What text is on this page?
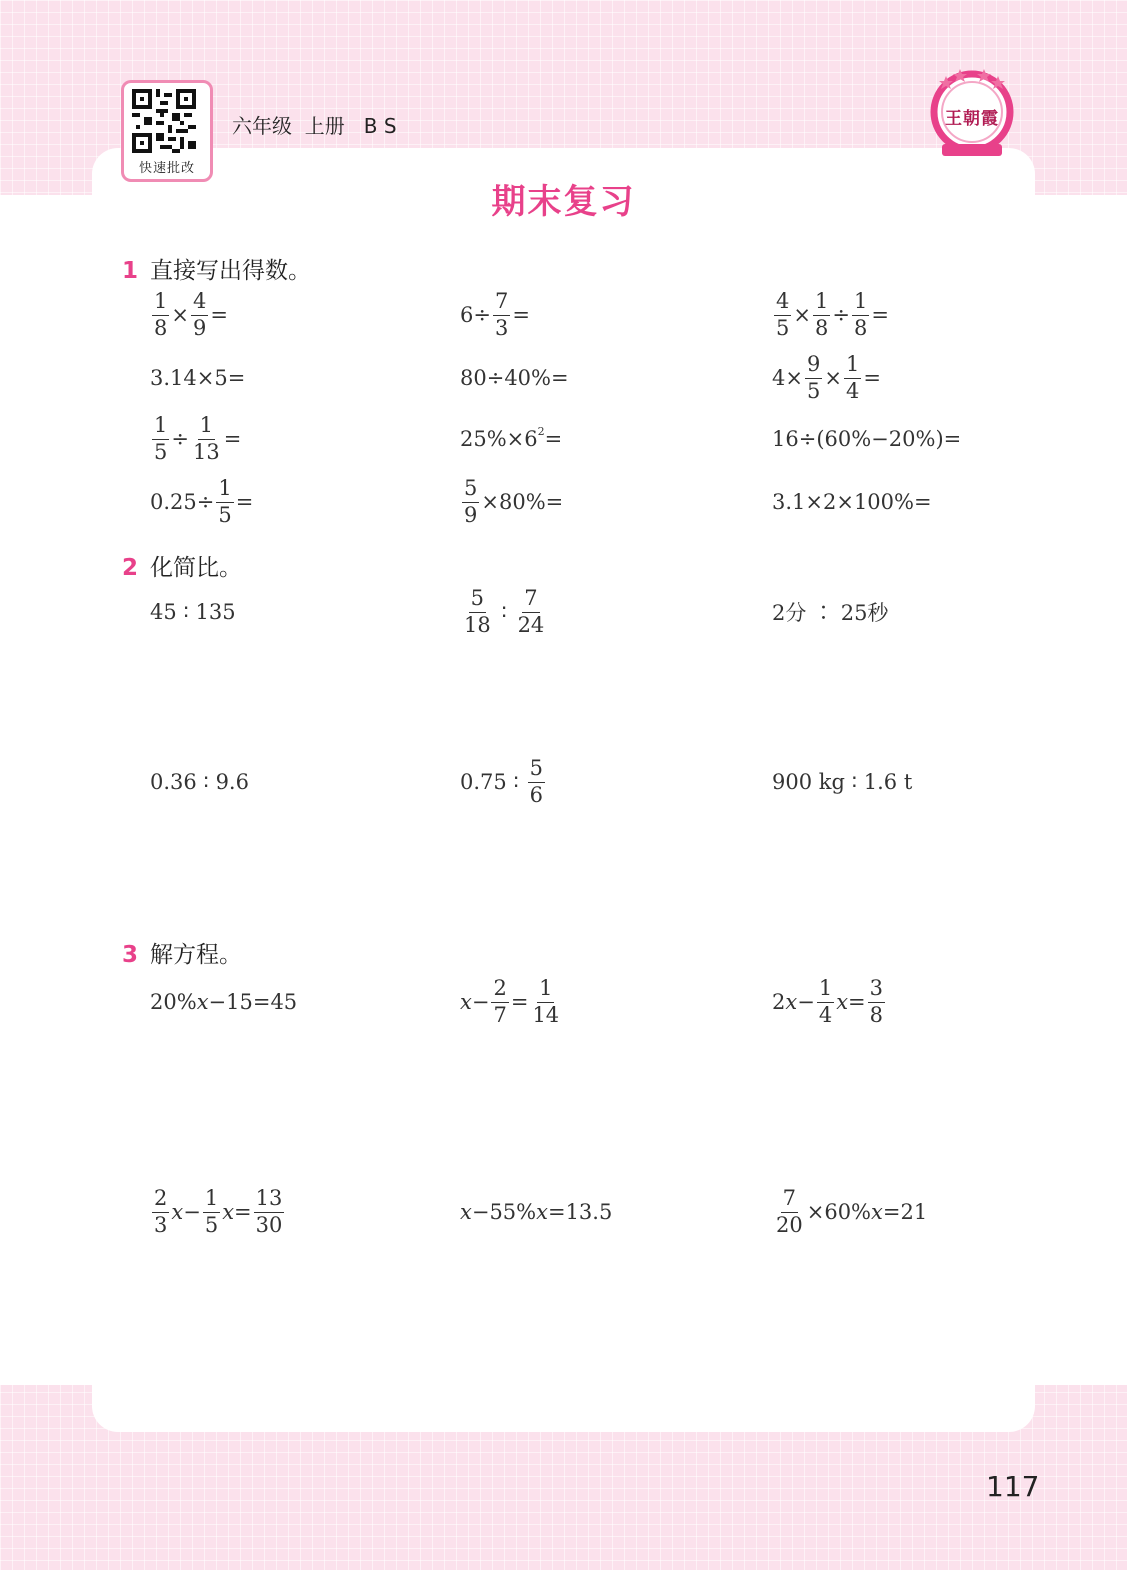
快速批改
六年级  上册   B S	王朝霞
期末复习
1 直接写出得数。
$\frac{1}{8} \times \frac{4}{9}$ =	$6\div \frac{7}{3}$ =	$\frac{4}{5} \times \frac{1}{8} \div \frac{1}{8}$ =
3.14×5=	80÷40%=	$4\times \frac{9}{5} \times \frac{1}{4}$ =
$\frac{1}{5} \div \frac{1}{13}$ =	25%×6 2 =	16÷(60%−20%)=
$0.25\div \frac{1}{5}$ =	$\frac{5}{9} \times 80\%=$	3.1×2×100%=
2 化简比。
45 ∶ 135	$\frac{5}{18}$ ∶ $\frac{7}{24}$	2分 ∶ 25秒
0.36 ∶ 9.6	0.75 ∶ $\frac{5}{6}$	900 kg ∶ 1.6 t
3 解方程。
20% x −15=45	$x - \frac{2}{7} = \frac{1}{14}$	2 $x - \frac{1}{4}$ $x = \frac{3}{8}$
$\frac{2}{3}$ $x - \frac{1}{5}$ $x = \frac{13}{30}$	x −55% x =13.5	$\frac{7}{20} \times 60\%$ x =21
117
